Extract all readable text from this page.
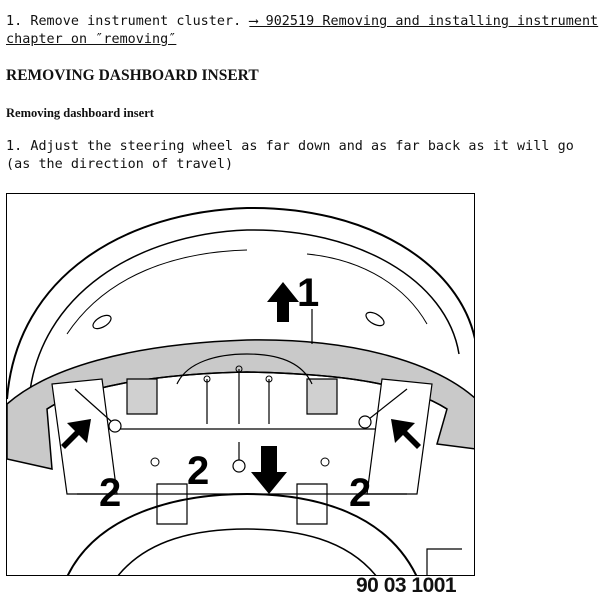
1. Remove instrument cluster. ⟶ 902519 Removing and installing instrument chapter on ″removing″
REMOVING DASHBOARD INSERT
Removing dashboard insert
1. Adjust the steering wheel as far down and as far back as it will go (as the direction of travel)
1
2 2	2
90 03 1001
